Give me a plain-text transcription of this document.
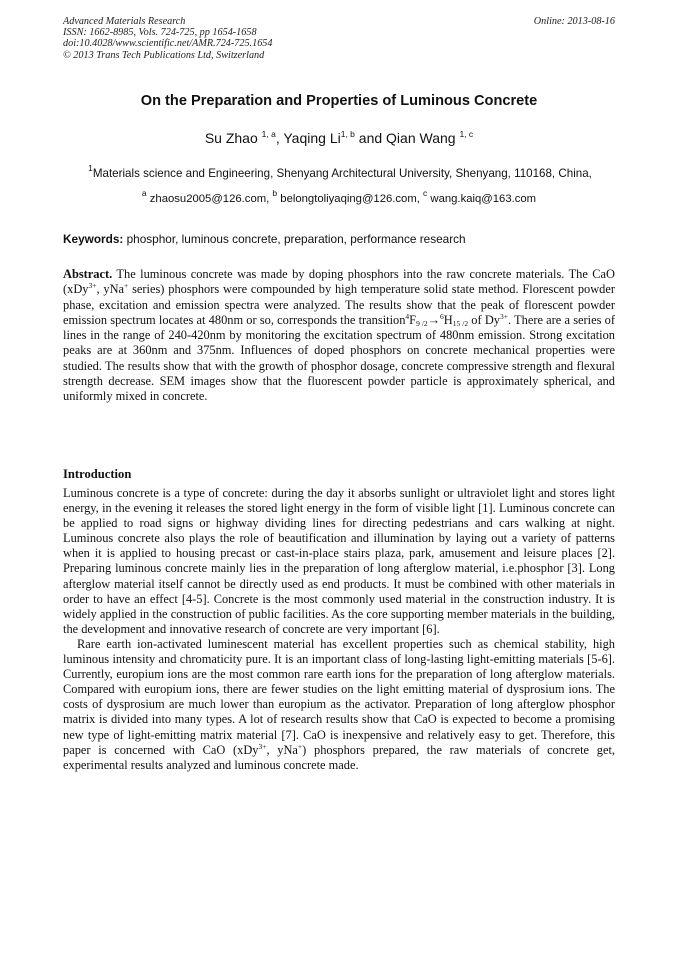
Advanced Materials Research
ISSN: 1662-8985, Vols. 724-725, pp 1654-1658
doi:10.4028/www.scientific.net/AMR.724-725.1654
© 2013 Trans Tech Publications Ltd, Switzerland
Online: 2013-08-16
On the Preparation and Properties of Luminous Concrete
Su Zhao $^{1, a}$, Yaqing Li$^{1, b}$ and Qian Wang $^{1, c}$
$^1$Materials science and Engineering, Shenyang Architectural University, Shenyang, 110168, China,
$^a$ zhaosu2005@126.com, $^b$ belongtoliyaqing@126.com, $^c$ wang.kaiq@163.com
Keywords: phosphor, luminous concrete, preparation, performance research
Abstract. The luminous concrete was made by doping phosphors into the raw concrete materials. The CaO (xDy$^{3+}$, yNa+ series) phosphors were compounded by high temperature solid state method. Florescent powder phase, excitation and emission spectra were analyzed. The results show that the peak of florescent powder emission spectrum locates at 480nm or so, corresponds the $transition^4F_{9 /2}\to^6H_{15 /2}$ of $Dy^{3+}$. There are a series of lines in the range of 240-420nm by monitoring the excitation spectrum of 480nm emission. Strong excitation peaks are at 360nm and 375nm. Influences of doped phosphors on concrete mechanical properties were studied. The results show that with the growth of phosphor dosage, concrete compressive strength and flexural strength decrease. SEM images show that the fluorescent powder particle is approximately spherical, and uniformly mixed in concrete.
Introduction

Luminous concrete is a type of concrete: during the day it absorbs sunlight or ultraviolet light and stores light energy, in the evening it releases the stored light energy in the form of visible light [1]. Luminous concrete can be applied to road signs or highway dividing lines for directing pedestrians and cars walking at night. Luminous concrete also plays the role of beautification and illumination by laying out a variety of patterns when it is applied to housing precast or cast-in-place stairs plaza, park, amusement and leisure places [2]. Preparing luminous concrete mainly lies in the preparation of long afterglow material, i.e.phosphor [3]. Long afterglow material itself cannot be directly used as end products. It must be combined with other materials in order to have an effect [4-5]. Concrete is the most commonly used material in the construction industry. It is widely applied in the construction of public facilities. As the core supporting member materials in the building, the development and innovative research of concrete are very important [6].

Rare earth ion-activated luminescent material has excellent properties such as chemical stability, high luminous intensity and chromaticity pure. It is an important class of long-lasting light-emitting materials [5-6]. Currently, europium ions are the most common rare earth ions for the preparation of long afterglow materials. Compared with europium ions, there are fewer studies on the light emitting material of dysprosium ions. The costs of dysprosium are much lower than europium as the activator. Preparation of long afterglow phosphor matrix is divided into many types. A lot of research results show that CaO is expected to become a promising new type of light-emitting matrix material [7]. CaO is inexpensive and relatively easy to get. Therefore, this paper is concerned with CaO (xDy$^{3+}$, yNa+) phosphors prepared, the raw materials of concrete get, experimental results analyzed and luminous concrete made.
